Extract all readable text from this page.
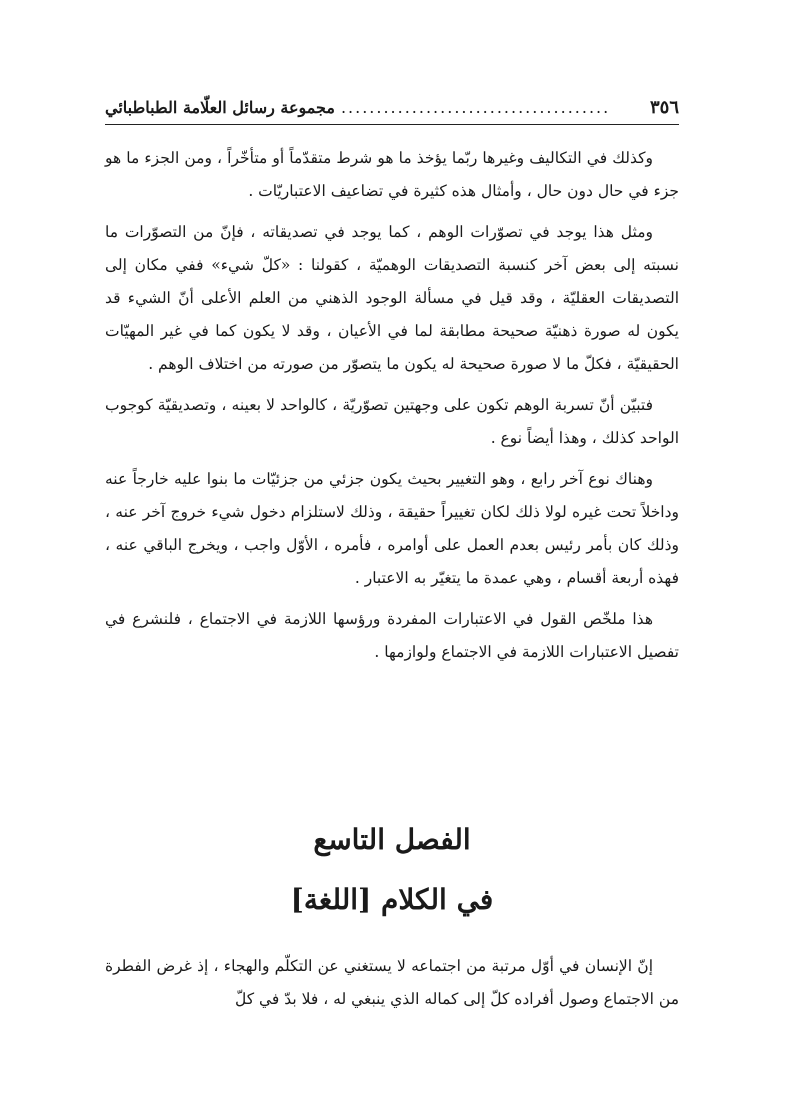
٣٥٦
......................................
مجموعة رسائل العلّامة الطباطبائي

وكذلك في التكاليف وغيرها ربّما يؤخذ ما هو شرط متقدّماً أو متأخّراً ، ومن الجزء ما هو جزء في حال دون حال ، وأمثال هذه كثيرة في تضاعيف الاعتباريّات .

ومثل هذا يوجد في تصوّرات الوهم ، كما يوجد في تصديقاته ، فإنّ من التصوّرات ما نسبته إلى بعض آخر كنسبة التصديقات الوهميّة ، كقولنا : «كلّ شيء» ففي مكان إلى التصديقات العقليّة ، وقد قيل في مسألة الوجود الذهني من العلم الأعلى أنّ الشيء قد يكون له صورة ذهنيّة صحيحة مطابقة لما في الأعيان ، وقد لا يكون كما في غير المهيّات الحقيقيّة ، فكلّ ما لا صورة صحيحة له يكون ما يتصوّر من صورته من اختلاف الوهم .

فتبيّن أنّ تسربة الوهم تكون على وجهتين تصوّريّة ، كالواحد لا بعينه ، وتصديقيّة كوجوب الواحد كذلك ، وهذا أيضاً نوع .

وهناك نوع آخر رابع ، وهو التغيير بحيث يكون جزئي من جزئيّات ما بنوا عليه خارجاً عنه وداخلاً تحت غيره لولا ذلك لكان تغييراً حقيقة ، وذلك لاستلزام دخول شيء خروج آخر عنه ، وذلك كان بأمر رئيس بعدم العمل على أوامره ، فأمره ، الأوّل واجب ، ويخرج الباقي عنه ، فهذه أربعة أقسام ، وهي عمدة ما يتغيّر به الاعتبار .

هذا ملخّص القول في الاعتبارات المفردة ورؤسها اللازمة في الاجتماع ، فلنشرع في تفصيل الاعتبارات اللازمة في الاجتماع ولوازمها .

الفصل التاسع
في الكلام [اللغة]

إنّ الإنسان في أوّل مرتبة من اجتماعه لا يستغني عن التكلّم والهجاء ، إذ غرض الفطرة من الاجتماع وصول أفراده كلّ إلى كماله الذي ينبغي له ، فلا بدّ في كلّ
